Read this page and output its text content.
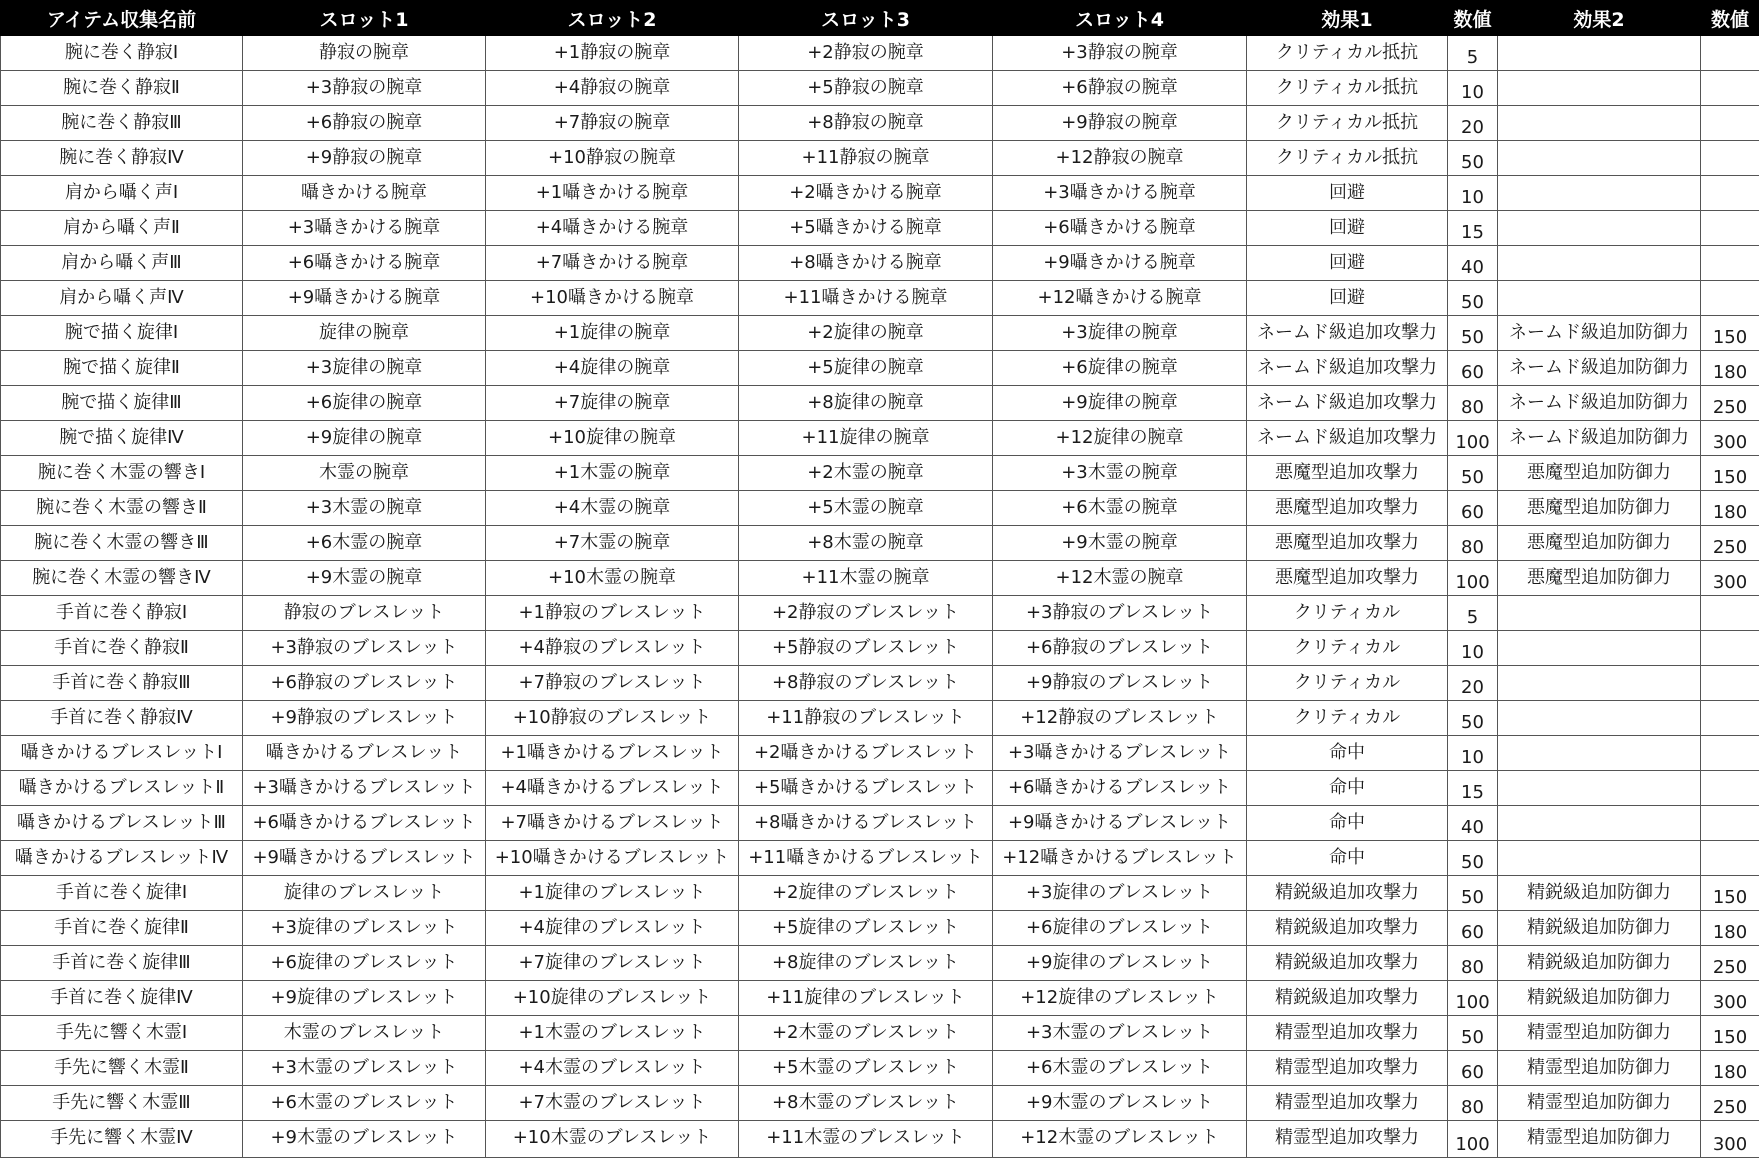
アイテム収集名前	スロット1	スロット2	スロット3	スロット4	効果1	数値	効果2	数値
腕に巻く静寂Ⅰ	静寂の腕章	+1静寂の腕章	+2静寂の腕章	+3静寂の腕章	クリティカル抵抗	5		
腕に巻く静寂Ⅱ	+3静寂の腕章	+4静寂の腕章	+5静寂の腕章	+6静寂の腕章	クリティカル抵抗	10		
腕に巻く静寂Ⅲ	+6静寂の腕章	+7静寂の腕章	+8静寂の腕章	+9静寂の腕章	クリティカル抵抗	20		
腕に巻く静寂Ⅳ	+9静寂の腕章	+10静寂の腕章	+11静寂の腕章	+12静寂の腕章	クリティカル抵抗	50		
肩から囁く声Ⅰ	囁きかける腕章	+1囁きかける腕章	+2囁きかける腕章	+3囁きかける腕章	回避	10		
肩から囁く声Ⅱ	+3囁きかける腕章	+4囁きかける腕章	+5囁きかける腕章	+6囁きかける腕章	回避	15		
肩から囁く声Ⅲ	+6囁きかける腕章	+7囁きかける腕章	+8囁きかける腕章	+9囁きかける腕章	回避	40		
肩から囁く声Ⅳ	+9囁きかける腕章	+10囁きかける腕章	+11囁きかける腕章	+12囁きかける腕章	回避	50		
腕で描く旋律Ⅰ	旋律の腕章	+1旋律の腕章	+2旋律の腕章	+3旋律の腕章	ネームド級追加攻撃力	50	ネームド級追加防御力	150
腕で描く旋律Ⅱ	+3旋律の腕章	+4旋律の腕章	+5旋律の腕章	+6旋律の腕章	ネームド級追加攻撃力	60	ネームド級追加防御力	180
腕で描く旋律Ⅲ	+6旋律の腕章	+7旋律の腕章	+8旋律の腕章	+9旋律の腕章	ネームド級追加攻撃力	80	ネームド級追加防御力	250
腕で描く旋律Ⅳ	+9旋律の腕章	+10旋律の腕章	+11旋律の腕章	+12旋律の腕章	ネームド級追加攻撃力	100	ネームド級追加防御力	300
腕に巻く木霊の響きⅠ	木霊の腕章	+1木霊の腕章	+2木霊の腕章	+3木霊の腕章	悪魔型追加攻撃力	50	悪魔型追加防御力	150
腕に巻く木霊の響きⅡ	+3木霊の腕章	+4木霊の腕章	+5木霊の腕章	+6木霊の腕章	悪魔型追加攻撃力	60	悪魔型追加防御力	180
腕に巻く木霊の響きⅢ	+6木霊の腕章	+7木霊の腕章	+8木霊の腕章	+9木霊の腕章	悪魔型追加攻撃力	80	悪魔型追加防御力	250
腕に巻く木霊の響きⅣ	+9木霊の腕章	+10木霊の腕章	+11木霊の腕章	+12木霊の腕章	悪魔型追加攻撃力	100	悪魔型追加防御力	300
手首に巻く静寂Ⅰ	静寂のブレスレット	+1静寂のブレスレット	+2静寂のブレスレット	+3静寂のブレスレット	クリティカル	5		
手首に巻く静寂Ⅱ	+3静寂のブレスレット	+4静寂のブレスレット	+5静寂のブレスレット	+6静寂のブレスレット	クリティカル	10		
手首に巻く静寂Ⅲ	+6静寂のブレスレット	+7静寂のブレスレット	+8静寂のブレスレット	+9静寂のブレスレット	クリティカル	20		
手首に巻く静寂Ⅳ	+9静寂のブレスレット	+10静寂のブレスレット	+11静寂のブレスレット	+12静寂のブレスレット	クリティカル	50		
囁きかけるブレスレットⅠ	囁きかけるブレスレット	+1囁きかけるブレスレット	+2囁きかけるブレスレット	+3囁きかけるブレスレット	命中	10		
囁きかけるブレスレットⅡ	+3囁きかけるブレスレット	+4囁きかけるブレスレット	+5囁きかけるブレスレット	+6囁きかけるブレスレット	命中	15		
囁きかけるブレスレットⅢ	+6囁きかけるブレスレット	+7囁きかけるブレスレット	+8囁きかけるブレスレット	+9囁きかけるブレスレット	命中	40		
囁きかけるブレスレットⅣ	+9囁きかけるブレスレット	+10囁きかけるブレスレット	+11囁きかけるブレスレット	+12囁きかけるブレスレット	命中	50		
手首に巻く旋律Ⅰ	旋律のブレスレット	+1旋律のブレスレット	+2旋律のブレスレット	+3旋律のブレスレット	精鋭級追加攻撃力	50	精鋭級追加防御力	150
手首に巻く旋律Ⅱ	+3旋律のブレスレット	+4旋律のブレスレット	+5旋律のブレスレット	+6旋律のブレスレット	精鋭級追加攻撃力	60	精鋭級追加防御力	180
手首に巻く旋律Ⅲ	+6旋律のブレスレット	+7旋律のブレスレット	+8旋律のブレスレット	+9旋律のブレスレット	精鋭級追加攻撃力	80	精鋭級追加防御力	250
手首に巻く旋律Ⅳ	+9旋律のブレスレット	+10旋律のブレスレット	+11旋律のブレスレット	+12旋律のブレスレット	精鋭級追加攻撃力	100	精鋭級追加防御力	300
手先に響く木霊Ⅰ	木霊のブレスレット	+1木霊のブレスレット	+2木霊のブレスレット	+3木霊のブレスレット	精霊型追加攻撃力	50	精霊型追加防御力	150
手先に響く木霊Ⅱ	+3木霊のブレスレット	+4木霊のブレスレット	+5木霊のブレスレット	+6木霊のブレスレット	精霊型追加攻撃力	60	精霊型追加防御力	180
手先に響く木霊Ⅲ	+6木霊のブレスレット	+7木霊のブレスレット	+8木霊のブレスレット	+9木霊のブレスレット	精霊型追加攻撃力	80	精霊型追加防御力	250
手先に響く木霊Ⅳ	+9木霊のブレスレット	+10木霊のブレスレット	+11木霊のブレスレット	+12木霊のブレスレット	精霊型追加攻撃力	100	精霊型追加防御力	300
